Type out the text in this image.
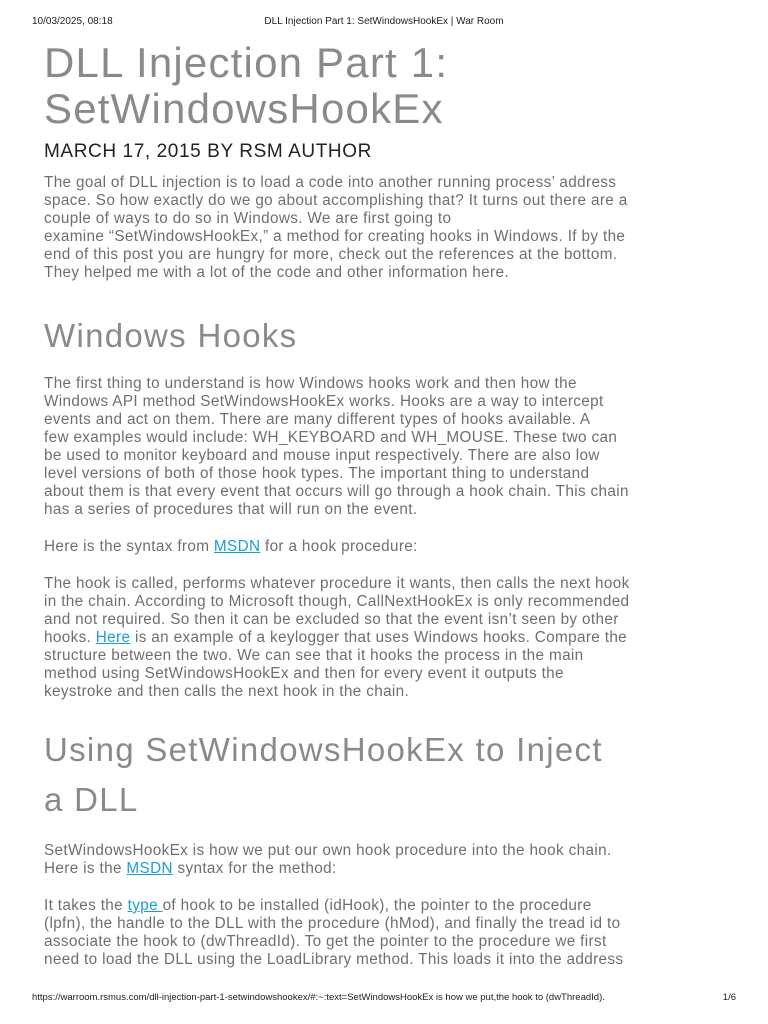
10/03/2025, 08:18	DLL Injection Part 1: SetWindowsHookEx | War Room
DLL Injection Part 1:
SetWindowsHookEx
MARCH 17, 2015 BY RSM AUTHOR

The goal of DLL injection is to load a code into another running process’ address
space. So how exactly do we go about accomplishing that? It turns out there are a
couple of ways to do so in Windows. We are first going to
examine “SetWindowsHookEx,” a method for creating hooks in Windows. If by the
end of this post you are hungry for more, check out the references at the bottom.
They helped me with a lot of the code and other information here.

Windows Hooks

The first thing to understand is how Windows hooks work and then how the
Windows API method SetWindowsHookEx works. Hooks are a way to intercept
events and act on them. There are many different types of hooks available. A
few examples would include: WH_KEYBOARD and WH_MOUSE. These two can
be used to monitor keyboard and mouse input respectively. There are also low
level versions of both of those hook types. The important thing to understand
about them is that every event that occurs will go through a hook chain. This chain
has a series of procedures that will run on the event.

Here is the syntax from MSDN for a hook procedure:

The hook is called, performs whatever procedure it wants, then calls the next hook
in the chain. According to Microsoft though, CallNextHookEx is only recommended
and not required. So then it can be excluded so that the event isn’t seen by other
hooks. Here is an example of a keylogger that uses Windows hooks. Compare the
structure between the two. We can see that it hooks the process in the main
method using SetWindowsHookEx and then for every event it outputs the
keystroke and then calls the next hook in the chain.

Using SetWindowsHookEx to Inject
a DLL

SetWindowsHookEx is how we put our own hook procedure into the hook chain.
Here is the MSDN syntax for the method:

It takes the type of hook to be installed (idHook), the pointer to the procedure
(lpfn), the handle to the DLL with the procedure (hMod), and finally the tread id to
associate the hook to (dwThreadId). To get the pointer to the procedure we first
need to load the DLL using the LoadLibrary method. This loads it into the address

https://warroom.rsmus.com/dll-injection-part-1-setwindowshookex/#:~:text=SetWindowsHookEx is how we put,the hook to (dwThreadId).	1/6
